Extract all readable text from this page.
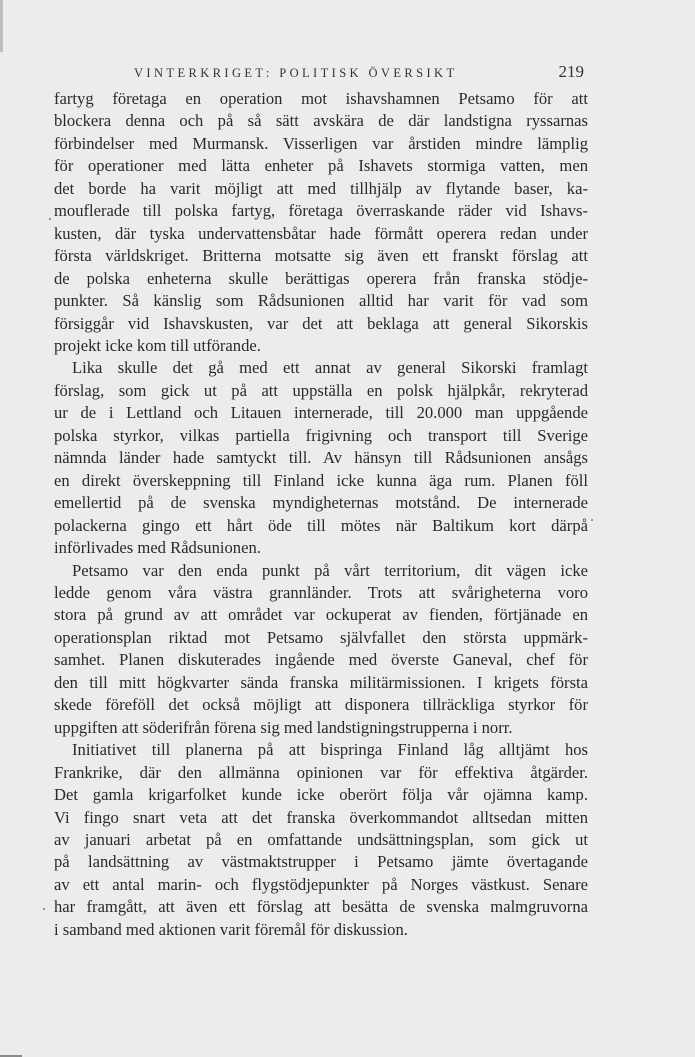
VINTERKRIGET: POLITISK ÖVERSIKT	219
fartyg företaga en operation mot ishavshamnen Petsamo för att
blockera denna och på så sätt avskära de där landstigna ryssarnas
förbindelser med Murmansk. Visserligen var årstiden mindre lämplig
för operationer med lätta enheter på Ishavets stormiga vatten, men
det borde ha varit möjligt att med tillhjälp av flytande baser, ka-
mouflerade till polska fartyg, företaga överraskande räder vid Ishavs-
kusten, där tyska undervattensbåtar hade förmått operera redan under
första världskriget. Britterna motsatte sig även ett franskt förslag att
de polska enheterna skulle berättigas operera från franska stödje-
punkter. Så känslig som Rådsunionen alltid har varit för vad som
försiggår vid Ishavskusten, var det att beklaga att general Sikorskis
projekt icke kom till utförande.
Lika skulle det gå med ett annat av general Sikorski framlagt
förslag, som gick ut på att uppställa en polsk hjälpkår, rekryterad
ur de i Lettland och Litauen internerade, till 20.000 man uppgående
polska styrkor, vilkas partiella frigivning och transport till Sverige
nämnda länder hade samtyckt till. Av hänsyn till Rådsunionen ansågs
en direkt överskeppning till Finland icke kunna äga rum. Planen föll
emellertid på de svenska myndigheternas motstånd. De internerade
polackerna gingo ett hårt öde till mötes när Baltikum kort därpå
införlivades med Rådsunionen.
Petsamo var den enda punkt på vårt territorium, dit vägen icke
ledde genom våra västra grannländer. Trots att svårigheterna voro
stora på grund av att området var ockuperat av fienden, förtjänade en
operationsplan riktad mot Petsamo självfallet den största uppmärk-
samhet. Planen diskuterades ingående med överste Ganeval, chef för
den till mitt högkvarter sända franska militärmissionen. I krigets första
skede föreföll det också möjligt att disponera tillräckliga styrkor för
uppgiften att söderifrån förena sig med landstigningstrupperna i norr.
Initiativet till planerna på att bispringa Finland låg alltjämt hos
Frankrike, där den allmänna opinionen var för effektiva åtgärder.
Det gamla krigarfolket kunde icke oberört följa vår ojämna kamp.
Vi fingo snart veta att det franska överkommandot alltsedan mitten
av januari arbetat på en omfattande undsättningsplan, som gick ut
på landsättning av västmaktstrupper i Petsamo jämte övertagande
av ett antal marin- och flygstödjepunkter på Norges västkust. Senare
har framgått, att även ett förslag att besätta de svenska malmgruvorna
i samband med aktionen varit föremål för diskussion.
